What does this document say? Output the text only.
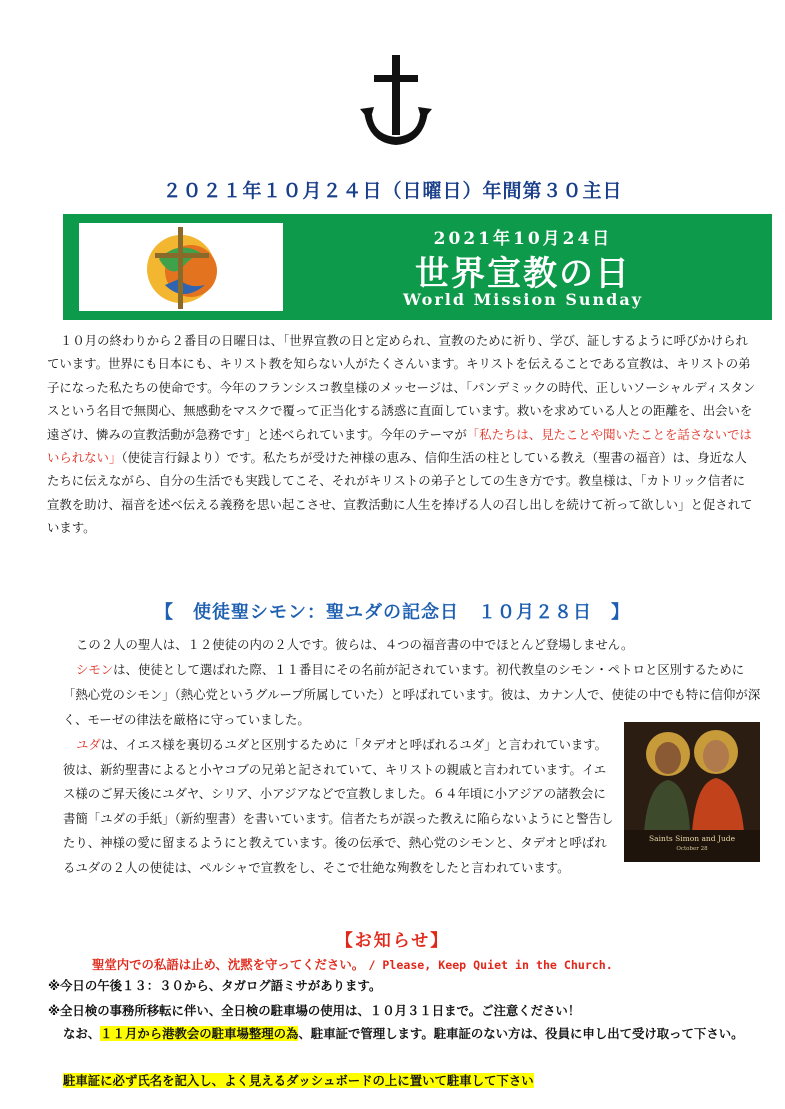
２０２１年１０月２４日（日曜日）年間第３０主日
2021年10月24日
世界宣教の日
World Mission Sunday
１０月の終わりから２番目の日曜日は、「世界宣教の日と定められ、宣教のために祈り、学び、証しするように呼びかけられています。世界にも日本にも、キリスト教を知らない人がたくさんいます。キリストを伝えることである宣教は、キリストの弟子になった私たちの使命です。今年のフランシスコ教皇様のメッセージは、「パンデミックの時代、正しいソーシャルディスタンスという名目で無関心、無感動をマスクで覆って正当化する誘惑に直面しています。救いを求めている人との距離を、出会いを遠ざけ、憐みの宣教活動が急務です」と述べられています。今年のテーマが「私たちは、見たことや聞いたことを話さないではいられない」（使徒言行録より）です。私たちが受けた神様の恵み、信仰生活の柱としている教え（聖書の福音）は、身近な人たちに伝えながら、自分の生活でも実践してこそ、それがキリストの弟子としての生き方です。教皇様は、「カトリック信者に宣教を助け、福音を述べ伝える義務を思い起こさせ、宣教活動に人生を捧げる人の召し出しを続けて祈って欲しい」と促されています。
【　使徒聖シモン：聖ユダの記念日　１０月２８日　】

この２人の聖人は、１２使徒の内の２人です。彼らは、４つの福音書の中でほとんど登場しません。

シモンは、使徒として選ばれた際、１１番目にその名前が記されています。初代教皇のシモン・ペトロと区別するために「熱心党のシモン」（熱心党というグループ所属していた）と呼ばれています。彼は、カナン人で、使徒の中でも特に信仰が深く、モーゼの律法を厳格に守っていました。

ユダは、イエス様を裏切るユダと区別するために「タデオと呼ばれるユダ」と言われています。彼は、新約聖書によると小ヤコブの兄弟と記されていて、キリストの親戚と言われています。イエス様のご昇天後にユダヤ、シリア、小アジアなどで宣教しました。６４年頃に小アジアの諸教会に書簡「ユダの手紙」（新約聖書）を書いています。信者たちが誤った教えに陥らないようにと警告したり、神様の愛に留まるようにと教えています。後の伝承で、熱心党のシモンと、タデオと呼ばれるユダの２人の使徒は、ペルシャで宣教をし、そこで壮絶な殉教をしたと言われています。

Saints Simon and Jude
October 28
【お知らせ】
聖堂内での私語は止め、沈黙を守ってください。 / Please, Keep Quiet in the Church.
※今日の午後１３：３０から、タガログ語ミサがあります。
※全日検の事務所移転に伴い、全日検の駐車場の使用は、１０月３１日まで。ご注意ください！
なお、１１月から港教会の駐車場整理の為、駐車証で管理します。駐車証のない方は、役員に申し出て受け取って下さい。
駐車証に必ず氏名を記入し、よく見えるダッシュボードの上に置いて駐車して下さい
